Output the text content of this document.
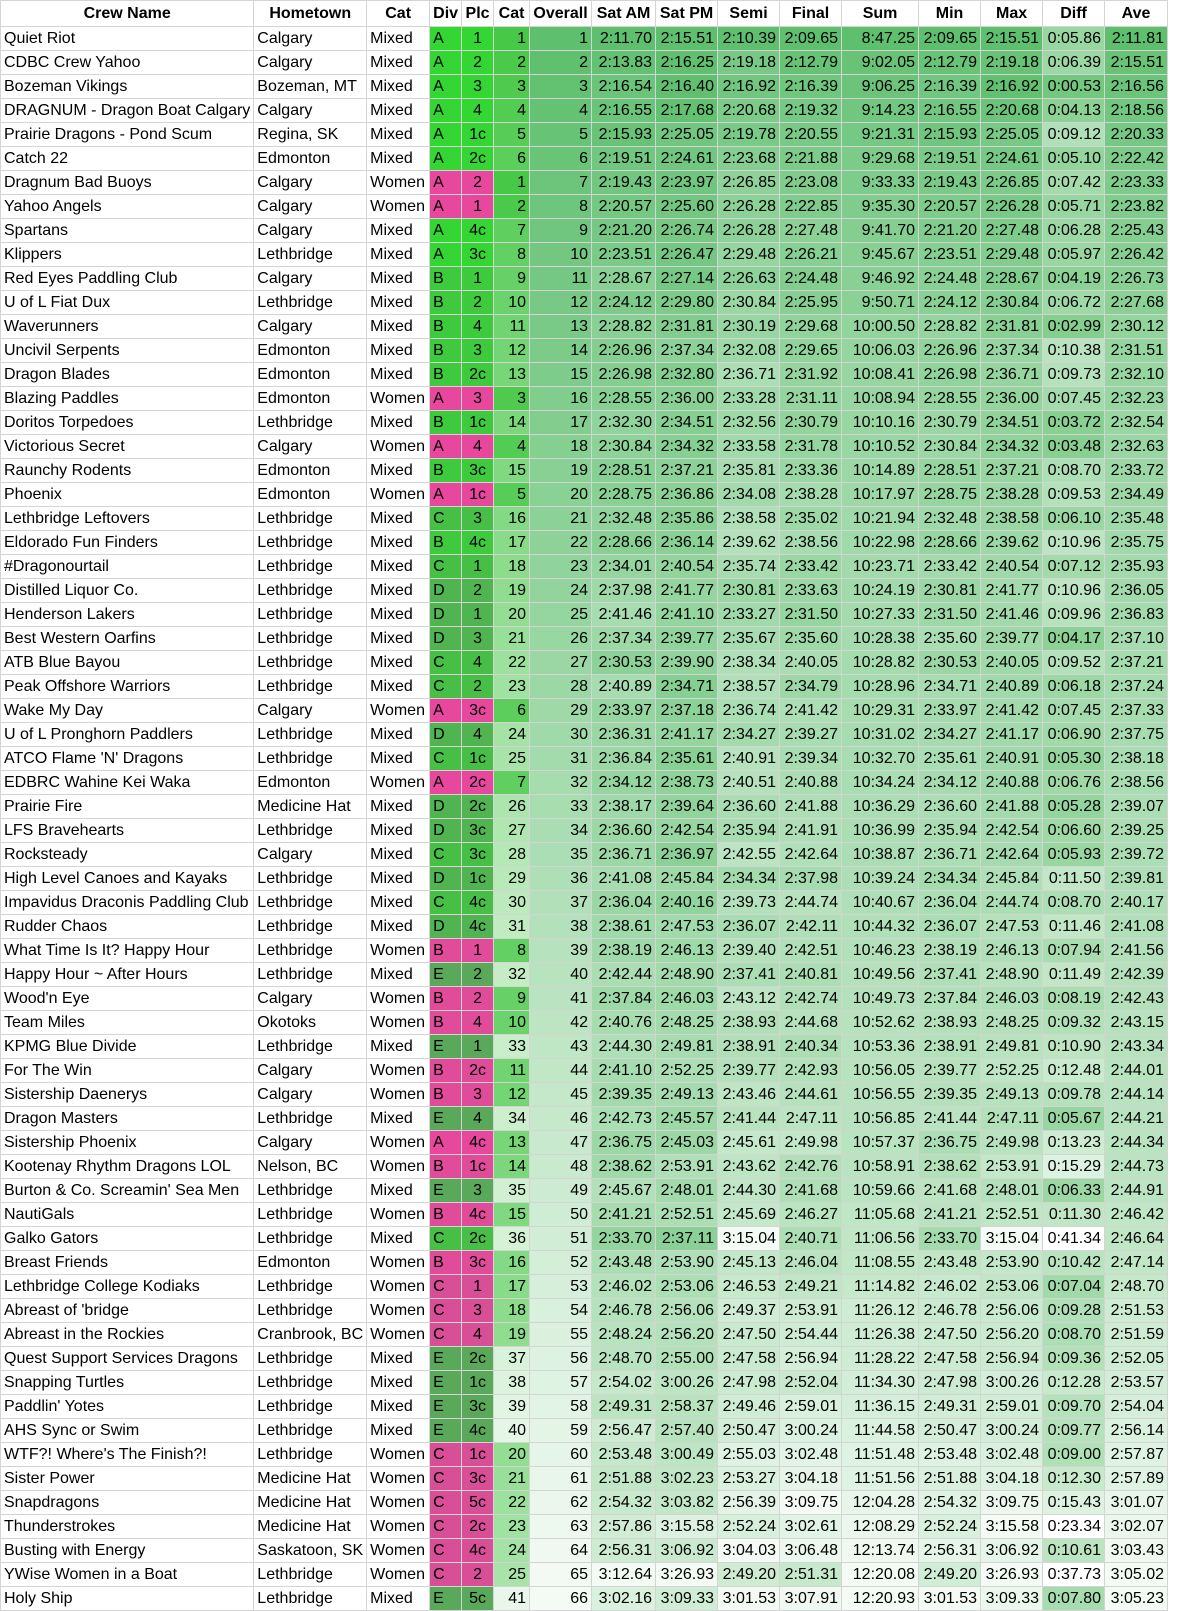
Crew Name	Hometown	Cat	Div	Plc	Cat	Overall	Sat AM	Sat PM	Semi	Final	Sum	Min	Max	Diff	Ave
Quiet Riot	Calgary	Mixed	A	1	1	1	2:11.70	2:15.51	2:10.39	2:09.65	8:47.25	2:09.65	2:15.51	0:05.86	2:11.81
CDBC Crew Yahoo	Calgary	Mixed	A	2	2	2	2:13.83	2:16.25	2:19.18	2:12.79	9:02.05	2:12.79	2:19.18	0:06.39	2:15.51
Bozeman Vikings	Bozeman, MT	Mixed	A	3	3	3	2:16.54	2:16.40	2:16.92	2:16.39	9:06.25	2:16.39	2:16.92	0:00.53	2:16.56
DRAGNUM - Dragon Boat Calgary	Calgary	Mixed	A	4	4	4	2:16.55	2:17.68	2:20.68	2:19.32	9:14.23	2:16.55	2:20.68	0:04.13	2:18.56
Prairie Dragons - Pond Scum	Regina, SK	Mixed	A	1c	5	5	2:15.93	2:25.05	2:19.78	2:20.55	9:21.31	2:15.93	2:25.05	0:09.12	2:20.33
Catch 22	Edmonton	Mixed	A	2c	6	6	2:19.51	2:24.61	2:23.68	2:21.88	9:29.68	2:19.51	2:24.61	0:05.10	2:22.42
Dragnum Bad Buoys	Calgary	Women	A	2	1	7	2:19.43	2:23.97	2:26.85	2:23.08	9:33.33	2:19.43	2:26.85	0:07.42	2:23.33
Yahoo Angels	Calgary	Women	A	1	2	8	2:20.57	2:25.60	2:26.28	2:22.85	9:35.30	2:20.57	2:26.28	0:05.71	2:23.82
Spartans	Calgary	Mixed	A	4c	7	9	2:21.20	2:26.74	2:26.28	2:27.48	9:41.70	2:21.20	2:27.48	0:06.28	2:25.43
Klippers	Lethbridge	Mixed	A	3c	8	10	2:23.51	2:26.47	2:29.48	2:26.21	9:45.67	2:23.51	2:29.48	0:05.97	2:26.42
Red Eyes Paddling Club	Calgary	Mixed	B	1	9	11	2:28.67	2:27.14	2:26.63	2:24.48	9:46.92	2:24.48	2:28.67	0:04.19	2:26.73
U of L Fiat Dux	Lethbridge	Mixed	B	2	10	12	2:24.12	2:29.80	2:30.84	2:25.95	9:50.71	2:24.12	2:30.84	0:06.72	2:27.68
Waverunners	Calgary	Mixed	B	4	11	13	2:28.82	2:31.81	2:30.19	2:29.68	10:00.50	2:28.82	2:31.81	0:02.99	2:30.12
Uncivil Serpents	Edmonton	Mixed	B	3	12	14	2:26.96	2:37.34	2:32.08	2:29.65	10:06.03	2:26.96	2:37.34	0:10.38	2:31.51
Dragon Blades	Edmonton	Mixed	B	2c	13	15	2:26.98	2:32.80	2:36.71	2:31.92	10:08.41	2:26.98	2:36.71	0:09.73	2:32.10
Blazing Paddles	Edmonton	Women	A	3	3	16	2:28.55	2:36.00	2:33.28	2:31.11	10:08.94	2:28.55	2:36.00	0:07.45	2:32.23
Doritos Torpedoes	Lethbridge	Mixed	B	1c	14	17	2:32.30	2:34.51	2:32.56	2:30.79	10:10.16	2:30.79	2:34.51	0:03.72	2:32.54
Victorious Secret	Calgary	Women	A	4	4	18	2:30.84	2:34.32	2:33.58	2:31.78	10:10.52	2:30.84	2:34.32	0:03.48	2:32.63
Raunchy Rodents	Edmonton	Mixed	B	3c	15	19	2:28.51	2:37.21	2:35.81	2:33.36	10:14.89	2:28.51	2:37.21	0:08.70	2:33.72
Phoenix	Edmonton	Women	A	1c	5	20	2:28.75	2:36.86	2:34.08	2:38.28	10:17.97	2:28.75	2:38.28	0:09.53	2:34.49
Lethbridge Leftovers	Lethbridge	Mixed	C	3	16	21	2:32.48	2:35.86	2:38.58	2:35.02	10:21.94	2:32.48	2:38.58	0:06.10	2:35.48
Eldorado Fun Finders	Lethbridge	Mixed	B	4c	17	22	2:28.66	2:36.14	2:39.62	2:38.56	10:22.98	2:28.66	2:39.62	0:10.96	2:35.75
#Dragonourtail	Lethbridge	Mixed	C	1	18	23	2:34.01	2:40.54	2:35.74	2:33.42	10:23.71	2:33.42	2:40.54	0:07.12	2:35.93
Distilled Liquor Co.	Lethbridge	Mixed	D	2	19	24	2:37.98	2:41.77	2:30.81	2:33.63	10:24.19	2:30.81	2:41.77	0:10.96	2:36.05
Henderson Lakers	Lethbridge	Mixed	D	1	20	25	2:41.46	2:41.10	2:33.27	2:31.50	10:27.33	2:31.50	2:41.46	0:09.96	2:36.83
Best Western Oarfins	Lethbridge	Mixed	D	3	21	26	2:37.34	2:39.77	2:35.67	2:35.60	10:28.38	2:35.60	2:39.77	0:04.17	2:37.10
ATB Blue Bayou	Lethbridge	Mixed	C	4	22	27	2:30.53	2:39.90	2:38.34	2:40.05	10:28.82	2:30.53	2:40.05	0:09.52	2:37.21
Peak Offshore Warriors	Lethbridge	Mixed	C	2	23	28	2:40.89	2:34.71	2:38.57	2:34.79	10:28.96	2:34.71	2:40.89	0:06.18	2:37.24
Wake My Day	Calgary	Women	A	3c	6	29	2:33.97	2:37.18	2:36.74	2:41.42	10:29.31	2:33.97	2:41.42	0:07.45	2:37.33
U of L Pronghorn Paddlers	Lethbridge	Mixed	D	4	24	30	2:36.31	2:41.17	2:34.27	2:39.27	10:31.02	2:34.27	2:41.17	0:06.90	2:37.75
ATCO Flame 'N' Dragons	Lethbridge	Mixed	C	1c	25	31	2:36.84	2:35.61	2:40.91	2:39.34	10:32.70	2:35.61	2:40.91	0:05.30	2:38.18
EDBRC Wahine Kei Waka	Edmonton	Women	A	2c	7	32	2:34.12	2:38.73	2:40.51	2:40.88	10:34.24	2:34.12	2:40.88	0:06.76	2:38.56
Prairie Fire	Medicine Hat	Mixed	D	2c	26	33	2:38.17	2:39.64	2:36.60	2:41.88	10:36.29	2:36.60	2:41.88	0:05.28	2:39.07
LFS Bravehearts	Lethbridge	Mixed	D	3c	27	34	2:36.60	2:42.54	2:35.94	2:41.91	10:36.99	2:35.94	2:42.54	0:06.60	2:39.25
Rocksteady	Calgary	Mixed	C	3c	28	35	2:36.71	2:36.97	2:42.55	2:42.64	10:38.87	2:36.71	2:42.64	0:05.93	2:39.72
High Level Canoes and Kayaks	Lethbridge	Mixed	D	1c	29	36	2:41.08	2:45.84	2:34.34	2:37.98	10:39.24	2:34.34	2:45.84	0:11.50	2:39.81
Impavidus Draconis Paddling Club	Lethbridge	Mixed	C	4c	30	37	2:36.04	2:40.16	2:39.73	2:44.74	10:40.67	2:36.04	2:44.74	0:08.70	2:40.17
Rudder Chaos	Lethbridge	Mixed	D	4c	31	38	2:38.61	2:47.53	2:36.07	2:42.11	10:44.32	2:36.07	2:47.53	0:11.46	2:41.08
What Time Is It? Happy Hour	Lethbridge	Women	B	1	8	39	2:38.19	2:46.13	2:39.40	2:42.51	10:46.23	2:38.19	2:46.13	0:07.94	2:41.56
Happy Hour ~ After Hours	Lethbridge	Mixed	E	2	32	40	2:42.44	2:48.90	2:37.41	2:40.81	10:49.56	2:37.41	2:48.90	0:11.49	2:42.39
Wood'n Eye	Calgary	Women	B	2	9	41	2:37.84	2:46.03	2:43.12	2:42.74	10:49.73	2:37.84	2:46.03	0:08.19	2:42.43
Team Miles	Okotoks	Women	B	4	10	42	2:40.76	2:48.25	2:38.93	2:44.68	10:52.62	2:38.93	2:48.25	0:09.32	2:43.15
KPMG Blue Divide	Lethbridge	Mixed	E	1	33	43	2:44.30	2:49.81	2:38.91	2:40.34	10:53.36	2:38.91	2:49.81	0:10.90	2:43.34
For The Win	Calgary	Women	B	2c	11	44	2:41.10	2:52.25	2:39.77	2:42.93	10:56.05	2:39.77	2:52.25	0:12.48	2:44.01
Sistership Daenerys	Calgary	Women	B	3	12	45	2:39.35	2:49.13	2:43.46	2:44.61	10:56.55	2:39.35	2:49.13	0:09.78	2:44.14
Dragon Masters	Lethbridge	Mixed	E	4	34	46	2:42.73	2:45.57	2:41.44	2:47.11	10:56.85	2:41.44	2:47.11	0:05.67	2:44.21
Sistership Phoenix	Calgary	Women	A	4c	13	47	2:36.75	2:45.03	2:45.61	2:49.98	10:57.37	2:36.75	2:49.98	0:13.23	2:44.34
Kootenay Rhythm Dragons LOL	Nelson, BC	Women	B	1c	14	48	2:38.62	2:53.91	2:43.62	2:42.76	10:58.91	2:38.62	2:53.91	0:15.29	2:44.73
Burton & Co. Screamin' Sea Men	Lethbridge	Mixed	E	3	35	49	2:45.67	2:48.01	2:44.30	2:41.68	10:59.66	2:41.68	2:48.01	0:06.33	2:44.91
NautiGals	Lethbridge	Women	B	4c	15	50	2:41.21	2:52.51	2:45.69	2:46.27	11:05.68	2:41.21	2:52.51	0:11.30	2:46.42
Galko Gators	Lethbridge	Mixed	C	2c	36	51	2:33.70	2:37.11	3:15.04	2:40.71	11:06.56	2:33.70	3:15.04	0:41.34	2:46.64
Breast Friends	Edmonton	Women	B	3c	16	52	2:43.48	2:53.90	2:45.13	2:46.04	11:08.55	2:43.48	2:53.90	0:10.42	2:47.14
Lethbridge College Kodiaks	Lethbridge	Women	C	1	17	53	2:46.02	2:53.06	2:46.53	2:49.21	11:14.82	2:46.02	2:53.06	0:07.04	2:48.70
Abreast of 'bridge	Lethbridge	Women	C	3	18	54	2:46.78	2:56.06	2:49.37	2:53.91	11:26.12	2:46.78	2:56.06	0:09.28	2:51.53
Abreast in the Rockies	Cranbrook, BC	Women	C	4	19	55	2:48.24	2:56.20	2:47.50	2:54.44	11:26.38	2:47.50	2:56.20	0:08.70	2:51.59
Quest Support Services Dragons	Lethbridge	Mixed	E	2c	37	56	2:48.70	2:55.00	2:47.58	2:56.94	11:28.22	2:47.58	2:56.94	0:09.36	2:52.05
Snapping Turtles	Lethbridge	Mixed	E	1c	38	57	2:54.02	3:00.26	2:47.98	2:52.04	11:34.30	2:47.98	3:00.26	0:12.28	2:53.57
Paddlin' Yotes	Lethbridge	Mixed	E	3c	39	58	2:49.31	2:58.37	2:49.46	2:59.01	11:36.15	2:49.31	2:59.01	0:09.70	2:54.04
AHS Sync or Swim	Lethbridge	Mixed	E	4c	40	59	2:56.47	2:57.40	2:50.47	3:00.24	11:44.58	2:50.47	3:00.24	0:09.77	2:56.14
WTF?! Where's The Finish?!	Lethbridge	Women	C	1c	20	60	2:53.48	3:00.49	2:55.03	3:02.48	11:51.48	2:53.48	3:02.48	0:09.00	2:57.87
Sister Power	Medicine Hat	Women	C	3c	21	61	2:51.88	3:02.23	2:53.27	3:04.18	11:51.56	2:51.88	3:04.18	0:12.30	2:57.89
Snapdragons	Medicine Hat	Women	C	5c	22	62	2:54.32	3:03.82	2:56.39	3:09.75	12:04.28	2:54.32	3:09.75	0:15.43	3:01.07
Thunderstrokes	Medicine Hat	Women	C	2c	23	63	2:57.86	3:15.58	2:52.24	3:02.61	12:08.29	2:52.24	3:15.58	0:23.34	3:02.07
Busting with Energy	Saskatoon, SK	Women	C	4c	24	64	2:56.31	3:06.92	3:04.03	3:06.48	12:13.74	2:56.31	3:06.92	0:10.61	3:03.43
YWise Women in a Boat	Lethbridge	Women	C	2	25	65	3:12.64	3:26.93	2:49.20	2:51.31	12:20.08	2:49.20	3:26.93	0:37.73	3:05.02
Holy Ship	Lethbridge	Mixed	E	5c	41	66	3:02.16	3:09.33	3:01.53	3:07.91	12:20.93	3:01.53	3:09.33	0:07.80	3:05.23
